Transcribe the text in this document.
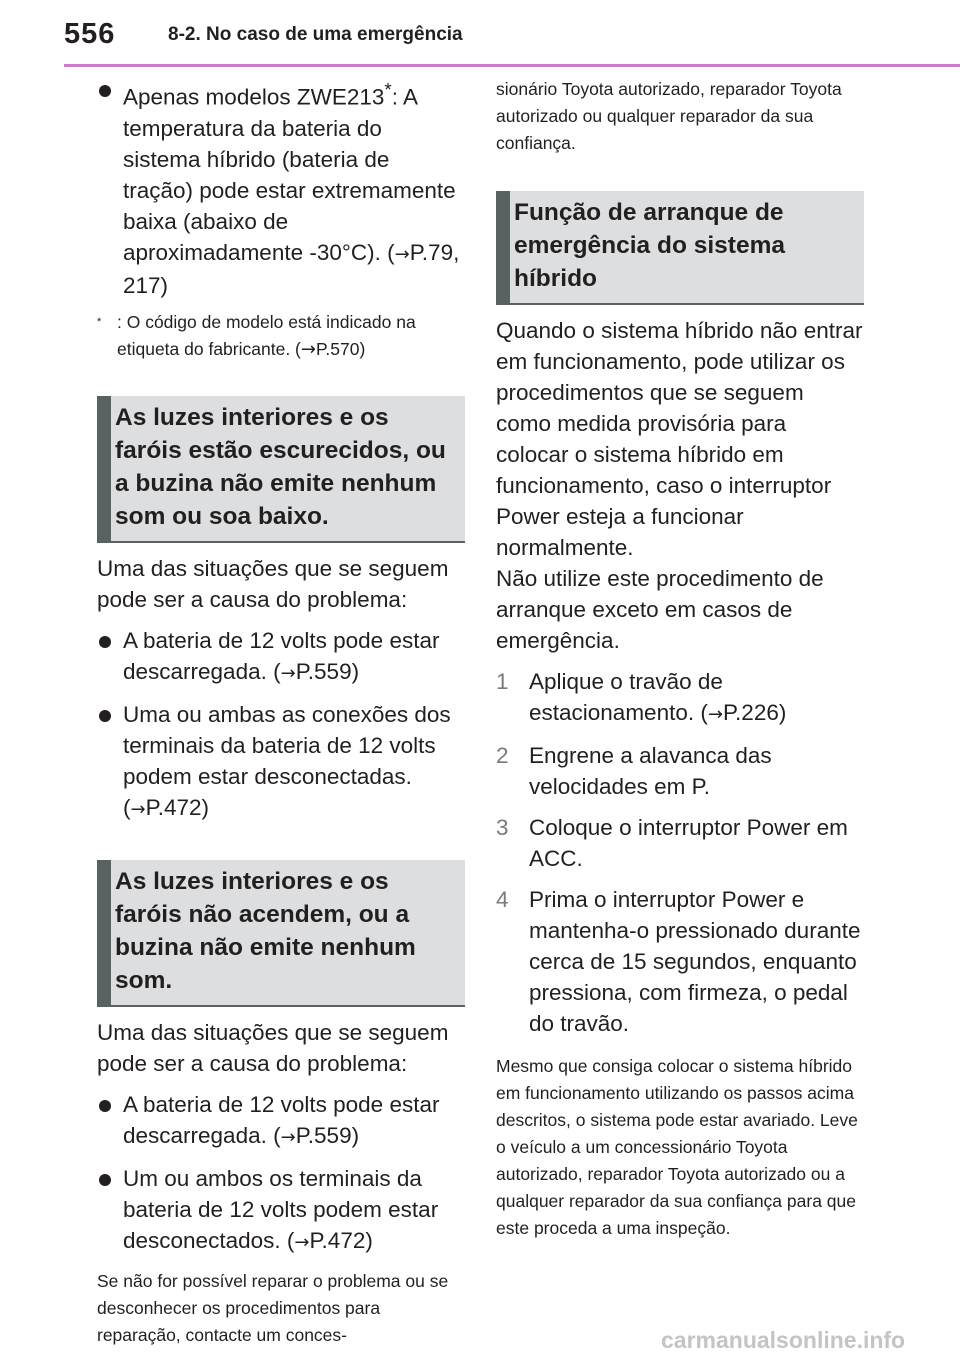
556	8-2. No caso de uma emergência
Apenas modelos ZWE213*: A temperatura da bateria do sistema híbrido (bateria de tração) pode estar extremamente baixa (abaixo de aproximadamente -30°C). (→P.79, 217)
* : O código de modelo está indicado na etiqueta do fabricante. (→P.570)
As luzes interiores e os faróis estão escurecidos, ou a buzina não emite nenhum som ou soa baixo.

Uma das situações que se seguem pode ser a causa do problema:

A bateria de 12 volts pode estar descarregada. (→P.559)
Uma ou ambas as conexões dos terminais da bateria de 12 volts podem estar desconectadas. (→P.472)
As luzes interiores e os faróis não acendem, ou a buzina não emite nenhum som.

Uma das situações que se seguem pode ser a causa do problema:

A bateria de 12 volts pode estar descarregada. (→P.559)
Um ou ambos os terminais da bateria de 12 volts podem estar desconectados. (→P.472)

Se não for possível reparar o problema ou se desconhecer os procedimentos para reparação, contacte um conces-

sionário Toyota autorizado, reparador Toyota autorizado ou qualquer reparador da sua confiança.

Função de arranque de emergência do sistema híbrido

Quando o sistema híbrido não entrar em funcionamento, pode utilizar os procedimentos que se seguem como medida provisória para colocar o sistema híbrido em funcionamento, caso o interruptor Power esteja a funcionar normalmente.

Não utilize este procedimento de arranque exceto em casos de emergência.

1 Aplique o travão de estacionamento. (→P.226)
2 Engrene a alavanca das velocidades em P.
3 Coloque o interruptor Power em ACC.
4 Prima o interruptor Power e mantenha-o pressionado durante cerca de 15 segundos, enquanto pressiona, com firmeza, o pedal do travão.

Mesmo que consiga colocar o sistema híbrido em funcionamento utilizando os passos acima descritos, o sistema pode estar avariado. Leve o veículo a um concessionário Toyota autorizado, reparador Toyota autorizado ou a qualquer reparador da sua confiança para que este proceda a uma inspeção.

carmanualsonline.info
